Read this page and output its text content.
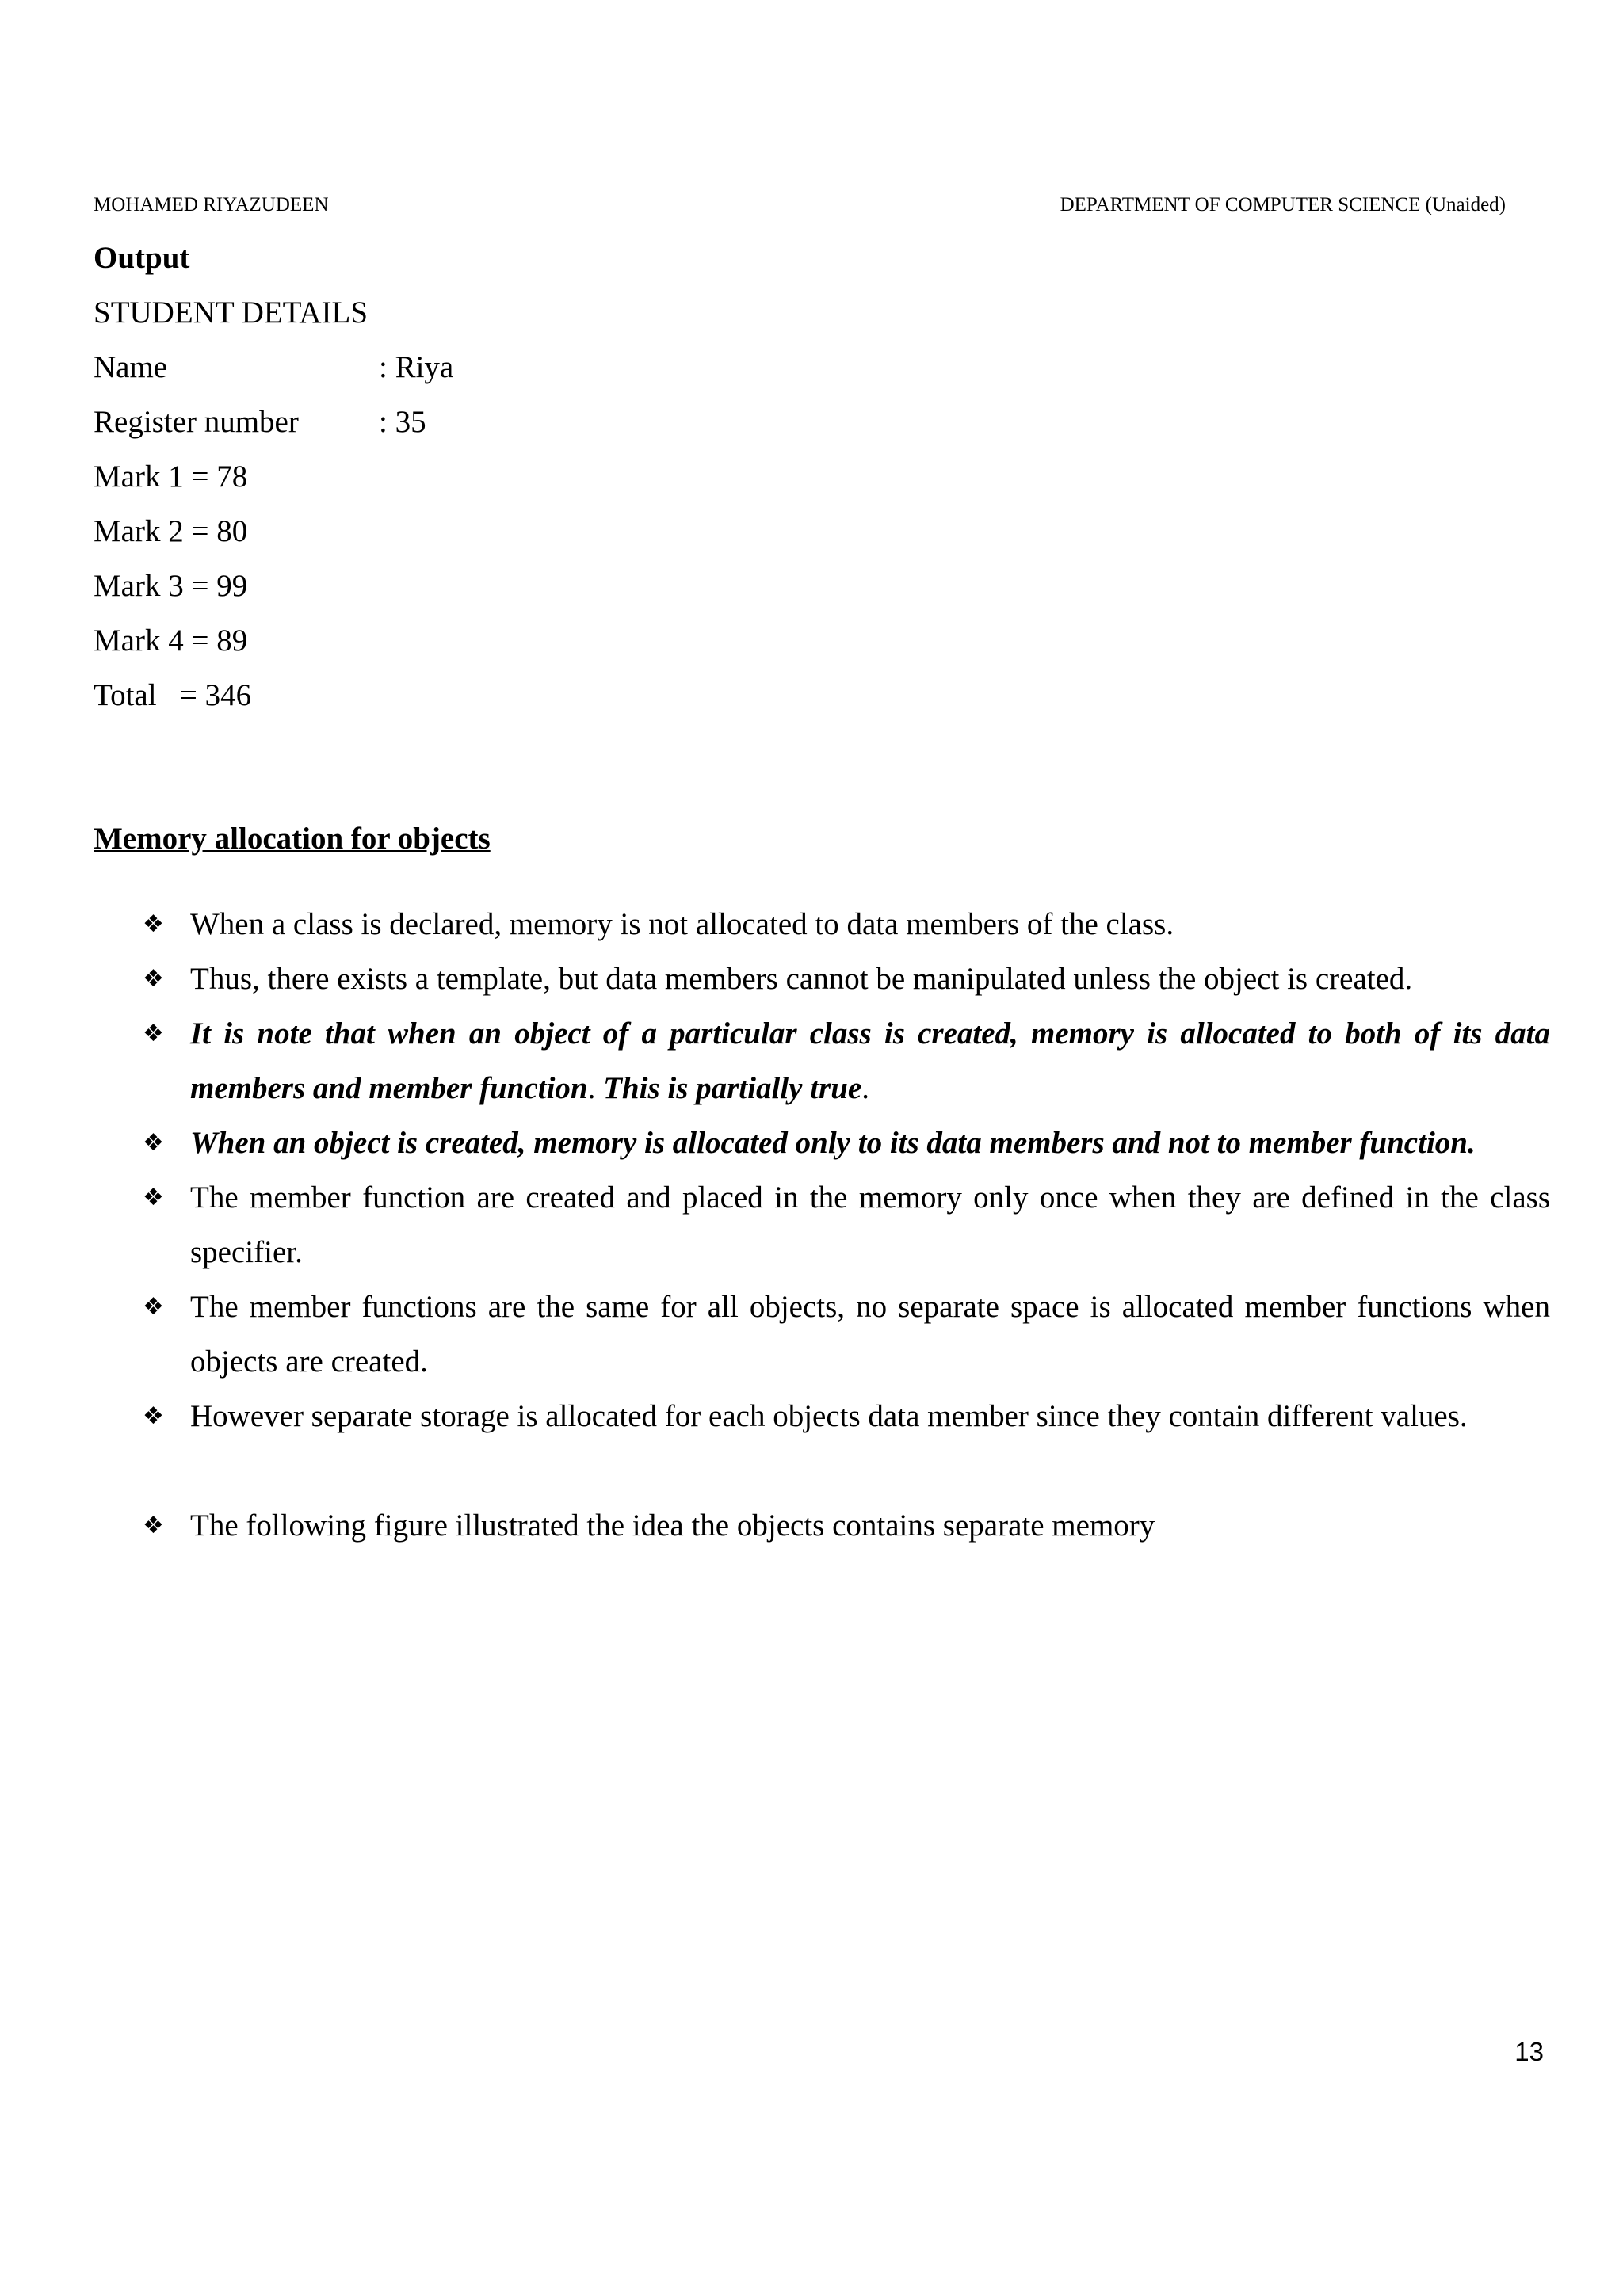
MOHAMED RIYAZUDEEN	DEPARTMENT OF COMPUTER SCIENCE (Unaided)
Output
STUDENT DETAILS
Name	: Riya
Register number	: 35
Mark 1 = 78
Mark 2 = 80
Mark 3 = 99
Mark 4 = 89
Total   = 346
Memory allocation for objects
❖ When a class is declared, memory is not allocated to data members of the class.
❖ Thus, there exists a template, but data members cannot be manipulated unless the object is created.
❖ It is note that when an object of a particular class is created, memory is allocated to both of its data members and member function. This is partially true.
❖ When an object is created, memory is allocated only to its data members and not to member function.
❖ The member function are created and placed in the memory only once when they are defined in the class specifier.
❖ The member functions are the same for all objects, no separate space is allocated member functions when objects are created.
❖ However separate storage is allocated for each objects data member since they contain different values.
❖ The following figure illustrated the idea the objects contains separate memory
13
